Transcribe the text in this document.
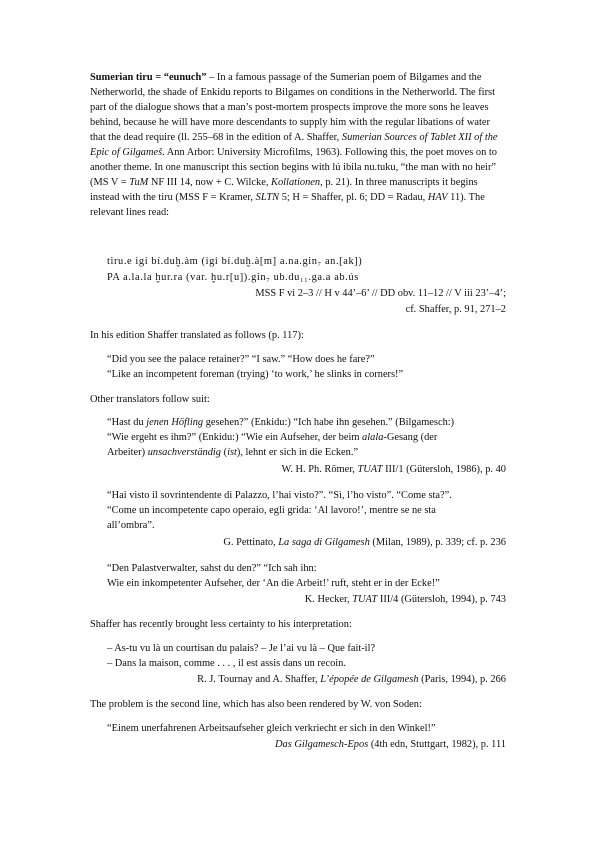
Sumerian tiru = “eunuch” – In a famous passage of the Sumerian poem of Bilgames and the Netherworld, the shade of Enkidu reports to Bilgames on conditions in the Netherworld. The first part of the dialogue shows that a man’s post-mortem prospects improve the more sons he leaves behind, because he will have more descendants to supply him with the regular libations of water that the dead require (ll. 255–68 in the edition of A. Shaffer, Sumerian Sources of Tablet XII of the Epic of Gilgameš. Ann Arbor: University Microfilms, 1963). Following this, the poet moves on to another theme. In one manuscript this section begins with lú ibila nu.tuku, “the man with no heir” (MS V = TuM NF III 14, now + C. Wilcke, Kollationen, p. 21). In three manuscripts it begins instead with the tiru (MSS F = Kramer, SLTN 5; H = Shaffer, pl. 6; DD = Radau, HAV 11). The relevant lines read:

tiru.e igi bí.duḫ.àm (igi bí.duḫ.à[m] a.na.gin₇ an.[ak])

PA a.la.la ḫur.ra (var. ḫu.r[u]).gin₇ ub.du₁₁.ga.a ab.ús

MSS F vi 2–3 // H v 44’–6’ // DD obv. 11–12 // V iii 23’–4’;

cf. Shaffer, p. 91, 271–2

In his edition Shaffer translated as follows (p. 117):

“Did you see the palace retainer?” “I saw.” “How does he fare?”

“Like an incompetent foreman (trying) ‘to work,’ he slinks in corners!”

Other translators follow suit:

“Hast du jenen Höfling gesehen?” (Enkidu:) “Ich habe ihn gesehen.” (Bilgamesch:)

“Wie ergeht es ihm?” (Enkidu:) “Wie ein Aufseher, der beim alala-Gesang (der

Arbeiter) unsachverständig (ist), lehnt er sich in die Ecken.”

W. H. Ph. Römer, TUAT III/1 (Gütersloh, 1986), p. 40

“Hai visto il sovrintendente di Palazzo, l’hai visto?”. “Sì, l’ho visto”. “Come sta?”.

“Come un incompetente capo operaio, egli grida: ‘Al lavoro!’, mentre se ne sta

all’ombra”.

G. Pettinato, La saga di Gilgamesh (Milan, 1989), p. 339; cf. p. 236

“Den Palastverwalter, sahst du den?” “Ich sah ihn:

Wie ein inkompetenter Aufseher, der ‘An die Arbeit!’ ruft, steht er in der Ecke!”

K. Hecker, TUAT III/4 (Gütersloh, 1994), p. 743

Shaffer has recently brought less certainty to his interpretation:

– As-tu vu là un courtisan du palais? – Je l’ai vu là – Que fait-il?

– Dans la maison, comme . . . , il est assis dans un recoin.

R. J. Tournay and A. Shaffer, L’épopée de Gilgamesh (Paris, 1994), p. 266

The problem is the second line, which has also been rendered by W. von Soden:

“Einem unerfahrenen Arbeitsaufseher gleich verkriecht er sich in den Winkel!”

Das Gilgamesch-Epos (4th edn, Stuttgart, 1982), p. 111
